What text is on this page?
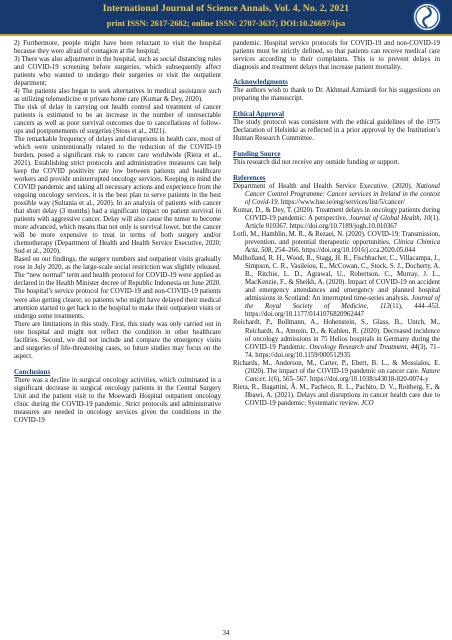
International Journal of Science Annals, Vol. 4, No. 2, 2021
print ISSN: 2617-2682; online ISSN: 2707-3637; DOI:10.26697/ijsa

2) Furthermore, people might have been reluctant to visit the hospital because they were afraid of contagion at the hospital;

3) There was also adjustment in the hospital, such as social distancing rules and COVID-19 screening before surgeries, which subsequently affect patients who wanted to undergo their surgeries or visit the outpatient department;

4) The patients also began to seek alternatives in medical assistance such as utilizing telemedicine or private home care (Kumar & Dey, 2020).

The risk of delay in carrying out health control and treatment of cancer patients is estimated to be an increase in the number of unresectable cancers as well as poor survival outcomes due to cancellations of follow-ups and postponements of surgeries (Stoss et al., 2021).

The remarkable frequency of delays and disruptions in health care, most of which were unintentionally related to the reduction of the COVID-19 burden, posed a significant risk to cancer care worldwide (Riera et al., 2021). Establishing strict protocols and administrative measures can help keep the COVID positivity rate low between patients and healthcare workers and provide uninterrupted oncology services. Keeping in mind the COVID pandemic and taking all necessary actions and experience from the ongoing oncology services, it is the best plan to serve patients in the best possible way (Sultania et al., 2020). In an analysis of patients with cancer that short delay (3 months) had a significant impact on patient survival in patients with aggressive cancer. Delay will also cause the tumor to become more advanced, which means that not only is survival lower, but the cancer will be more expensive to treat in terms of both surgery and/or chemotherapy (Department of Health and Health Service Executive, 2020; Sud et al., 2020).

Based on our findings, the surgery numbers and outpatient visits gradually rose in July 2020, as the large-scale social restriction was slightly released. The “new normal” term and health protocol for COVID-19 were applied as declared in the Health Minister decree of Republic Indonesia on June 2020. The hospital’s service protocol for COVID-19 and non-COVID-19 patients were also getting clearer, so patients who might have delayed their medical attention started to get back to the hospital to make their outpatient visits or undergo some treatments.

There are limitations in this study. First, this study was only carried out in one hospital and might not reflect the condition in other healthcare facilities. Second, we did not include and compare the emergency visits and surgeries of life-threatening cases, so future studies may focus on the aspect.

Conclusions

There was a decline in surgical oncology activities, which culminated in a significant decrease in surgical oncology patients in the Central Surgery Unit and the patient visit to the Moewardi Hospital outpatient oncology clinic during the COVID-19 pandemic. Strict protocols and administrative measures are needed in oncology services given the conditions in the COVID-19

pandemic. Hospital service protocols for COVID-19 and non-COVID-19 patients must be strictly defined, so that patients can receive medical care services according to their complaints. This is to prevent delays in diagnosis and treatment delays that increase patient mortality.

Acknowledgments

The authors wish to thank to Dr. Akhmad Azmiardi for his suggestions on preparing the manuscript.

Ethical Approval

The study protocol was consistent with the ethical guidelines of the 1975 Declaration of Helsinki as reflected in a prior approval by the Institution’s Human Research Committee.

Funding Source

This research did not receive any outside funding or support.

References

Department of Health and Health Service Executive. (2020). National Cancer Control Programme: Cancer services in Ireland in the context of Covid-19. https://www.hse.ie/eng/services/list/5/cancer/

Kumar, D., & Dey, T. (2020). Treatment delays in oncology patients during COVID-19 pandemic: A perspective. Journal of Global Health, 10(1). Article 010367. https://doi.org/10.7189/jogh.10.010367

Lotfi, M., Hamblin, M. R., & Rezaei, N. (2020). COVID-19: Transmission, prevention, and potential therapeutic opportunities. Clinica Chimica Acta, 508, 254–266. https://doi.org/10.1016/j.cca.2020.05.044

Mulholland, R. H., Wood, R., Stagg, H. R., Fischbacher, C., Villacampa, J., Simpson, C. R., Vasileiou, E., McCowan, C., Stock, S. J., Docherty, A. B., Ritchie, L. D., Agrawal, U., Robertson, C., Murray, J. L., MacKenzie, F., & Sheikh, A. (2020). Impact of COVID-19 on accident and emergency attendances and emergency and planned hospital admissions in Scotland: An interrupted time-series analysis. Journal of the Royal Society of Medicine, 113(11), 444–453. https://doi.org/10.1177/0141076820962447

Reichardt, P., Bollmann, A., Hohenstein, S., Glass, B., Untch, M., Reichardt, A., Amrein, D., & Kuhlen, R. (2020). Decreased incidence of oncology admissions in 75 Helios hospitals in Germany during the COVID-19 Pandemic. Oncology Research and Treatment, 44(3), 71–74. https://doi.org/10.1159/000512935

Richards, M., Anderson, M., Carter, P., Ebert, B. L., & Mossialos, E. (2020). The impact of the COVID-19 pandemic on cancer care. Nature Cancer, 1(6), 565–567. https://doi.org/10.1038/s43018-020-0074-y

Riera, R., Bagattini, Â. M., Pacheco, R. L., Pachito, D. V., Roitberg, F., & Ilbawi, A. (2021). Delays and disruptions in cancer health care due to COVID-19 pandemic: Systematic review. JCO

34
